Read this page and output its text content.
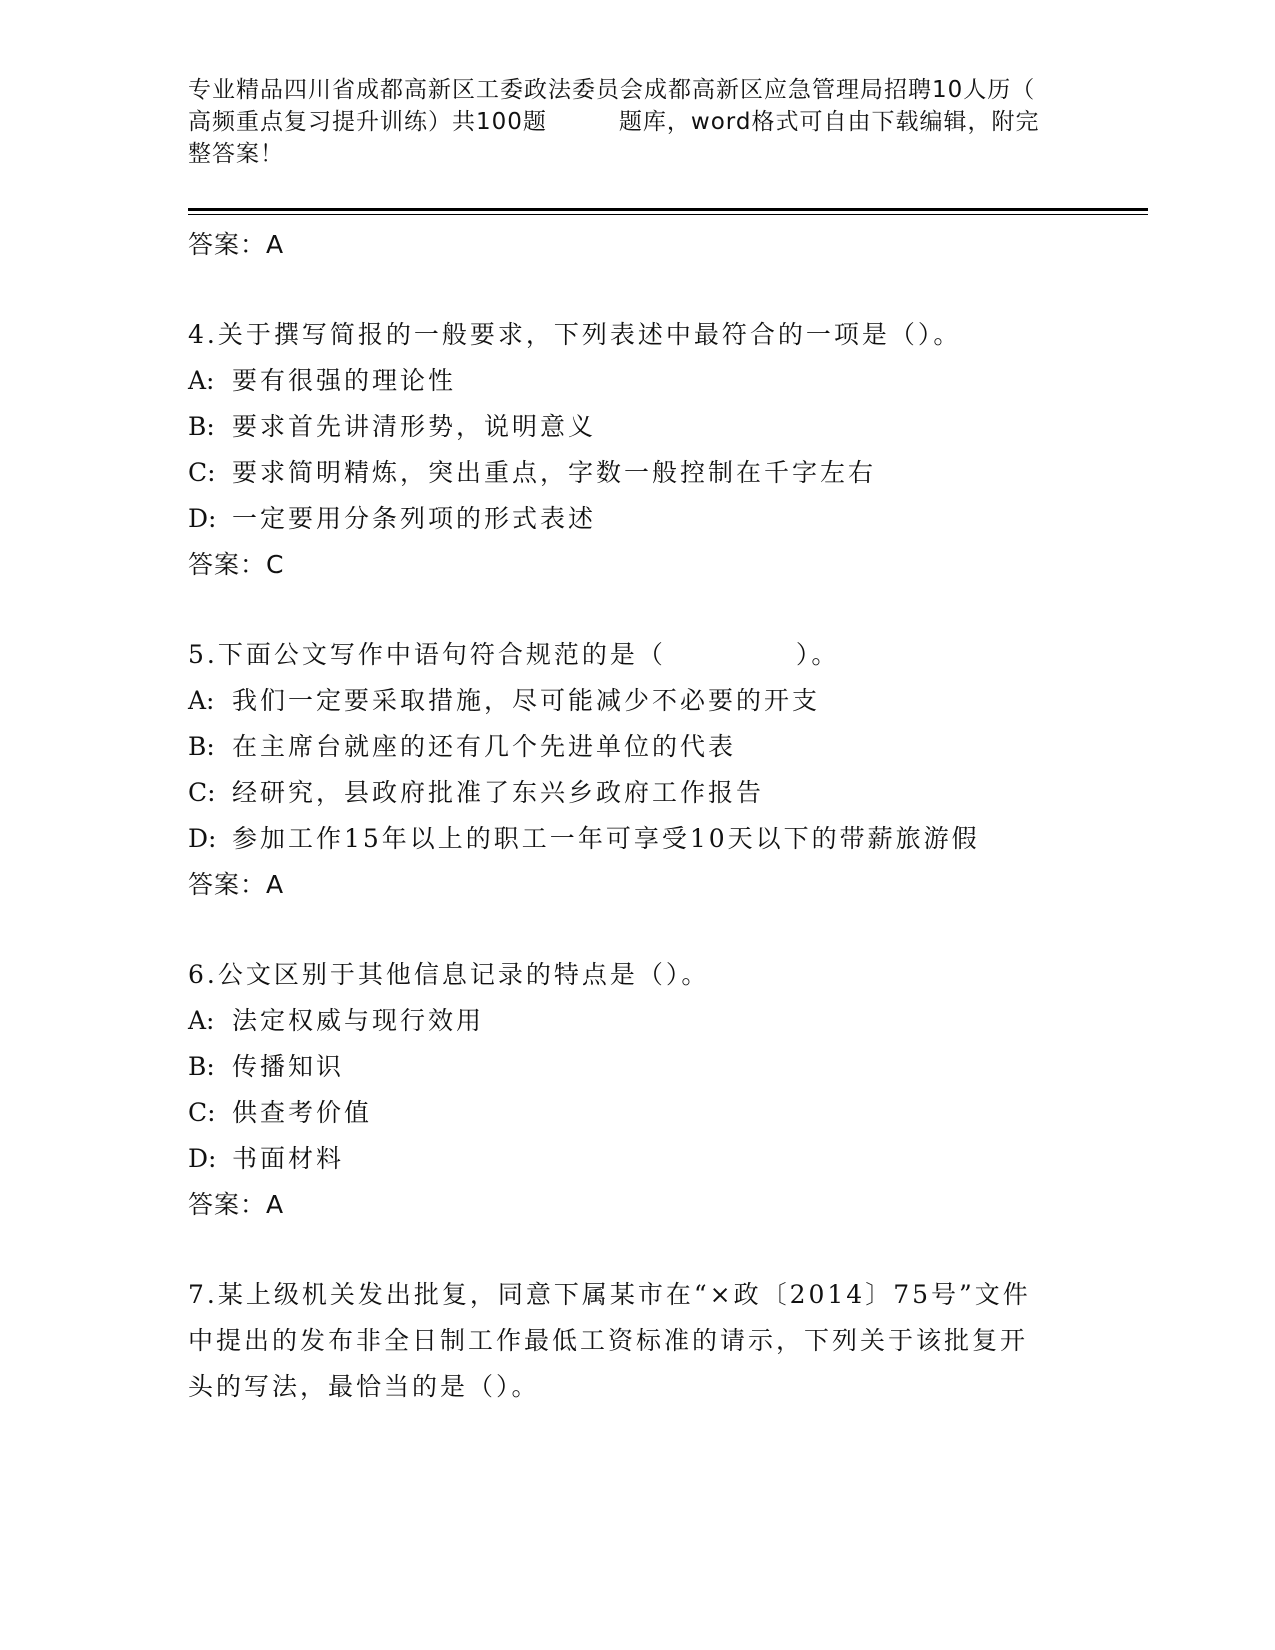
专业精品四川省成都高新区工委政法委员会成都高新区应急管理局招聘10人历（
高频重点复习提升训练）共100题	题库，word格式可自由下载编辑，附完
整答案！
答案：A
4.关于撰写简报的一般要求，下列表述中最符合的一项是（）。
A: 要有很强的理论性
B: 要求首先讲清形势，说明意义
C: 要求简明精炼，突出重点，字数一般控制在千字左右
D: 一定要用分条列项的形式表述
答案：C
5.下面公文写作中语句符合规范的是（	）。
A: 我们一定要采取措施，尽可能减少不必要的开支
B: 在主席台就座的还有几个先进单位的代表
C: 经研究，县政府批准了东兴乡政府工作报告
D: 参加工作15年以上的职工一年可享受10天以下的带薪旅游假
答案：A
6.公文区别于其他信息记录的特点是（）。
A: 法定权威与现行效用
B: 传播知识
C: 供查考价值
D: 书面材料
答案：A
7.某上级机关发出批复，同意下属某市在“×政〔2014〕75号”文件
中提出的发布非全日制工作最低工资标准的请示，下列关于该批复开
头的写法，最恰当的是（）。
